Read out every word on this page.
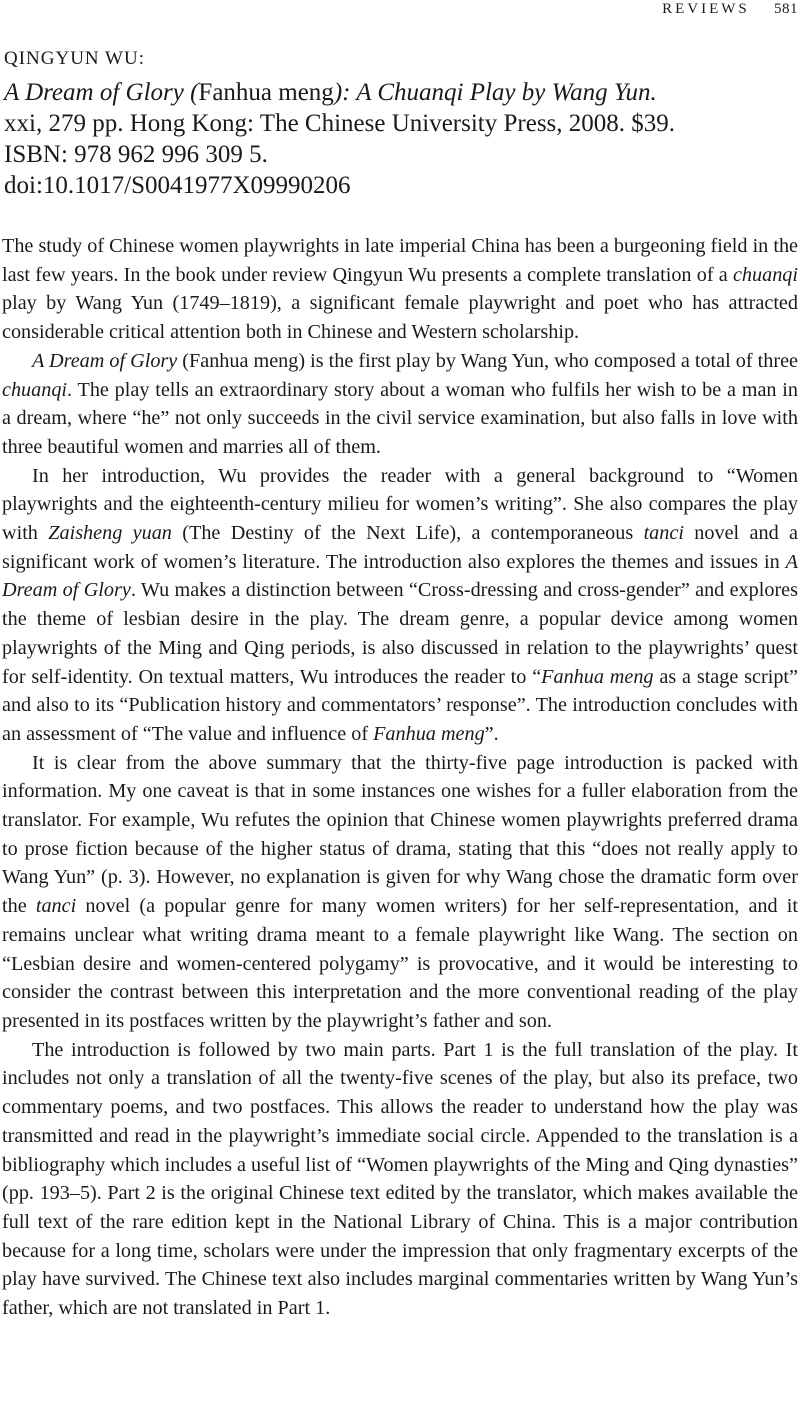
REVIEWS 581
QINGYUN WU:
A Dream of Glory (Fanhua meng): A Chuanqi Play by Wang Yun.
xxi, 279 pp. Hong Kong: The Chinese University Press, 2008. $39.
ISBN: 978 962 996 309 5.
doi:10.1017/S0041977X09990206

The study of Chinese women playwrights in late imperial China has been a burgeoning field in the last few years. In the book under review Qingyun Wu presents a complete translation of a chuanqi play by Wang Yun (1749–1819), a significant female playwright and poet who has attracted considerable critical attention both in Chinese and Western scholarship.

A Dream of Glory (Fanhua meng) is the first play by Wang Yun, who composed a total of three chuanqi. The play tells an extraordinary story about a woman who fulfils her wish to be a man in a dream, where “he” not only succeeds in the civil service examination, but also falls in love with three beautiful women and marries all of them.

In her introduction, Wu provides the reader with a general background to “Women playwrights and the eighteenth-century milieu for women’s writing”. She also compares the play with Zaisheng yuan (The Destiny of the Next Life), a contemporaneous tanci novel and a significant work of women’s literature. The introduction also explores the themes and issues in A Dream of Glory. Wu makes a distinction between “Cross-dressing and cross-gender” and explores the theme of lesbian desire in the play. The dream genre, a popular device among women playwrights of the Ming and Qing periods, is also discussed in relation to the playwrights’ quest for self-identity. On textual matters, Wu introduces the reader to “Fanhua meng as a stage script” and also to its “Publication history and commentators’ response”. The introduction concludes with an assessment of “The value and influence of Fanhua meng”.

It is clear from the above summary that the thirty-five page introduction is packed with information. My one caveat is that in some instances one wishes for a fuller elaboration from the translator. For example, Wu refutes the opinion that Chinese women playwrights preferred drama to prose fiction because of the higher status of drama, stating that this “does not really apply to Wang Yun” (p. 3). However, no explanation is given for why Wang chose the dramatic form over the tanci novel (a popular genre for many women writers) for her self-representation, and it remains unclear what writing drama meant to a female playwright like Wang. The section on “Lesbian desire and women-centered polygamy” is provocative, and it would be interesting to consider the contrast between this interpretation and the more conventional reading of the play presented in its postfaces written by the playwright’s father and son.

The introduction is followed by two main parts. Part 1 is the full translation of the play. It includes not only a translation of all the twenty-five scenes of the play, but also its preface, two commentary poems, and two postfaces. This allows the reader to understand how the play was transmitted and read in the playwright’s immediate social circle. Appended to the translation is a bibliography which includes a useful list of “Women playwrights of the Ming and Qing dynasties” (pp. 193–5). Part 2 is the original Chinese text edited by the translator, which makes available the full text of the rare edition kept in the National Library of China. This is a major contribution because for a long time, scholars were under the impression that only fragmentary excerpts of the play have survived. The Chinese text also includes marginal commentaries written by Wang Yun’s father, which are not translated in Part 1.
